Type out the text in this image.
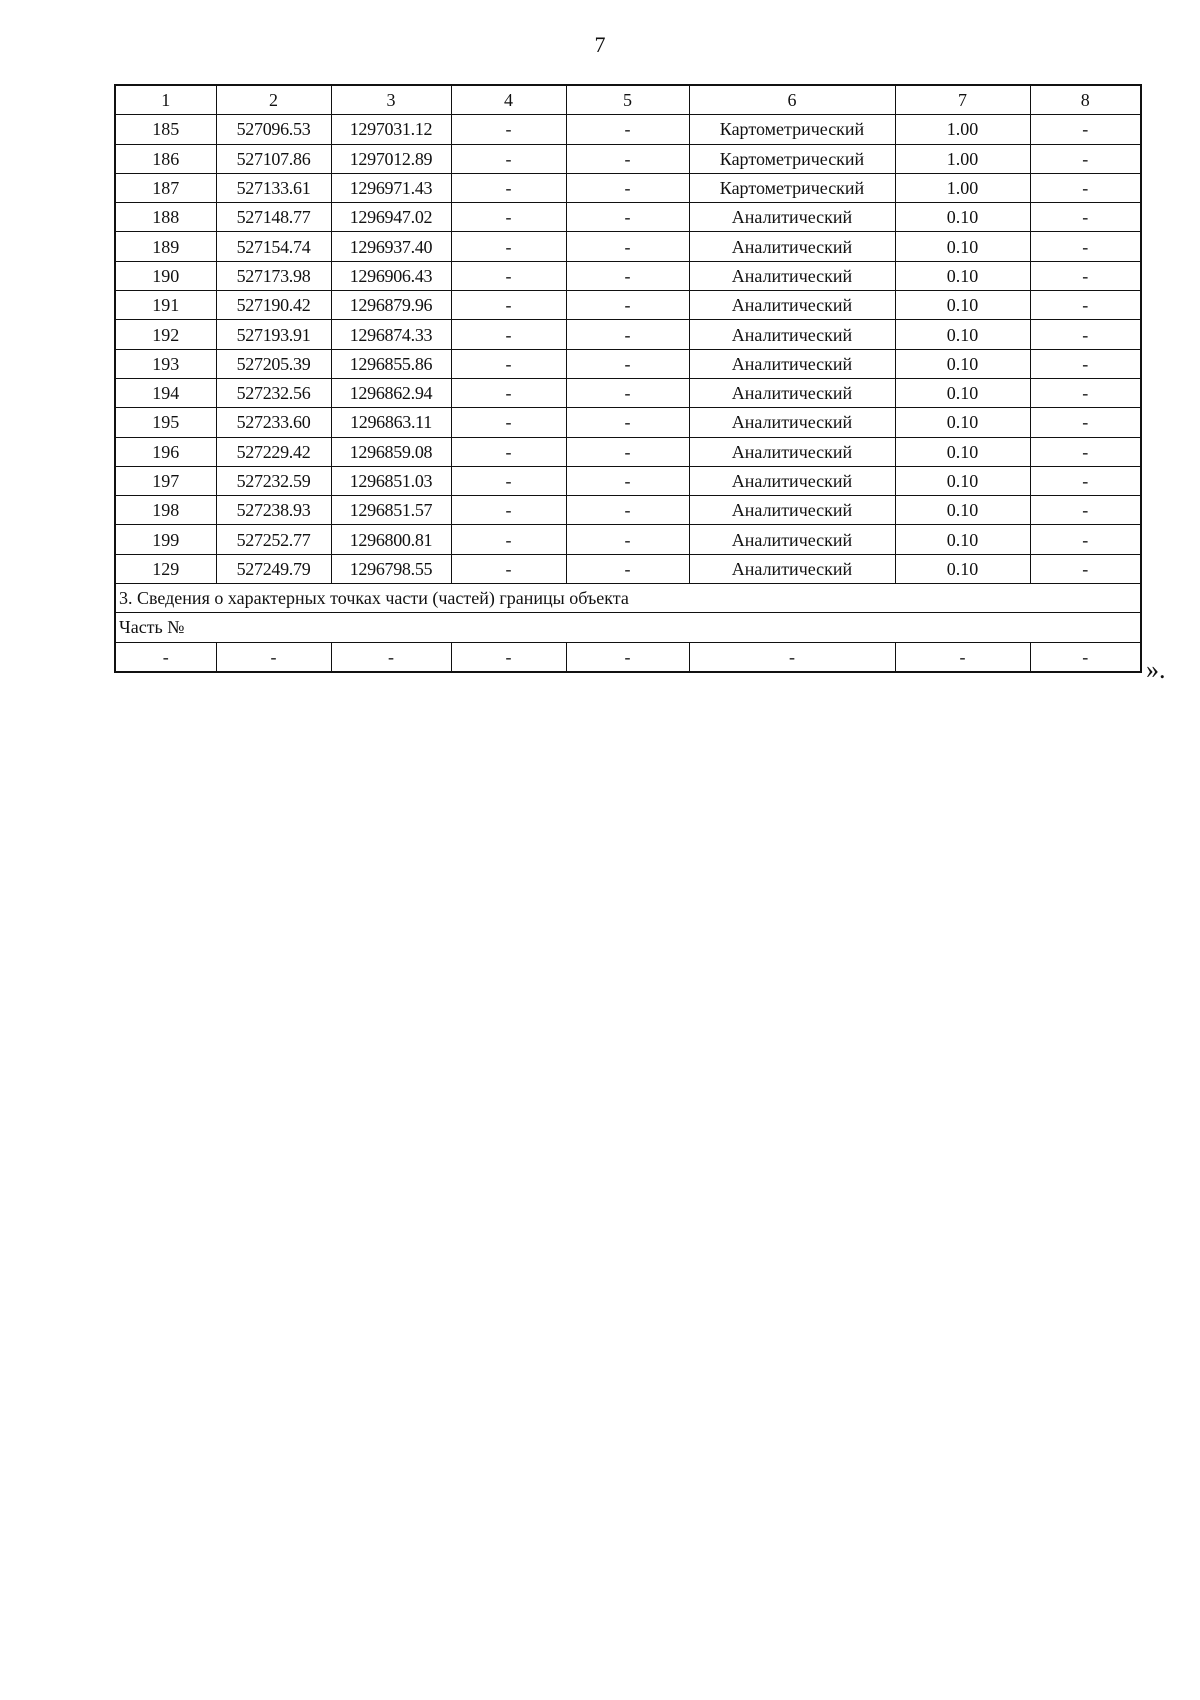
7
1	2	3	4	5	6	7	8
185	527096.53	1297031.12	-	-	Картометрический	1.00	-
186	527107.86	1297012.89	-	-	Картометрический	1.00	-
187	527133.61	1296971.43	-	-	Картометрический	1.00	-
188	527148.77	1296947.02	-	-	Аналитический	0.10	-
189	527154.74	1296937.40	-	-	Аналитический	0.10	-
190	527173.98	1296906.43	-	-	Аналитический	0.10	-
191	527190.42	1296879.96	-	-	Аналитический	0.10	-
192	527193.91	1296874.33	-	-	Аналитический	0.10	-
193	527205.39	1296855.86	-	-	Аналитический	0.10	-
194	527232.56	1296862.94	-	-	Аналитический	0.10	-
195	527233.60	1296863.11	-	-	Аналитический	0.10	-
196	527229.42	1296859.08	-	-	Аналитический	0.10	-
197	527232.59	1296851.03	-	-	Аналитический	0.10	-
198	527238.93	1296851.57	-	-	Аналитический	0.10	-
199	527252.77	1296800.81	-	-	Аналитический	0.10	-
129	527249.79	1296798.55	-	-	Аналитический	0.10	-
3. Сведения о характерных точках части (частей) границы объекта							
Часть №							
-	-	-	-	-	-	-	- ».
